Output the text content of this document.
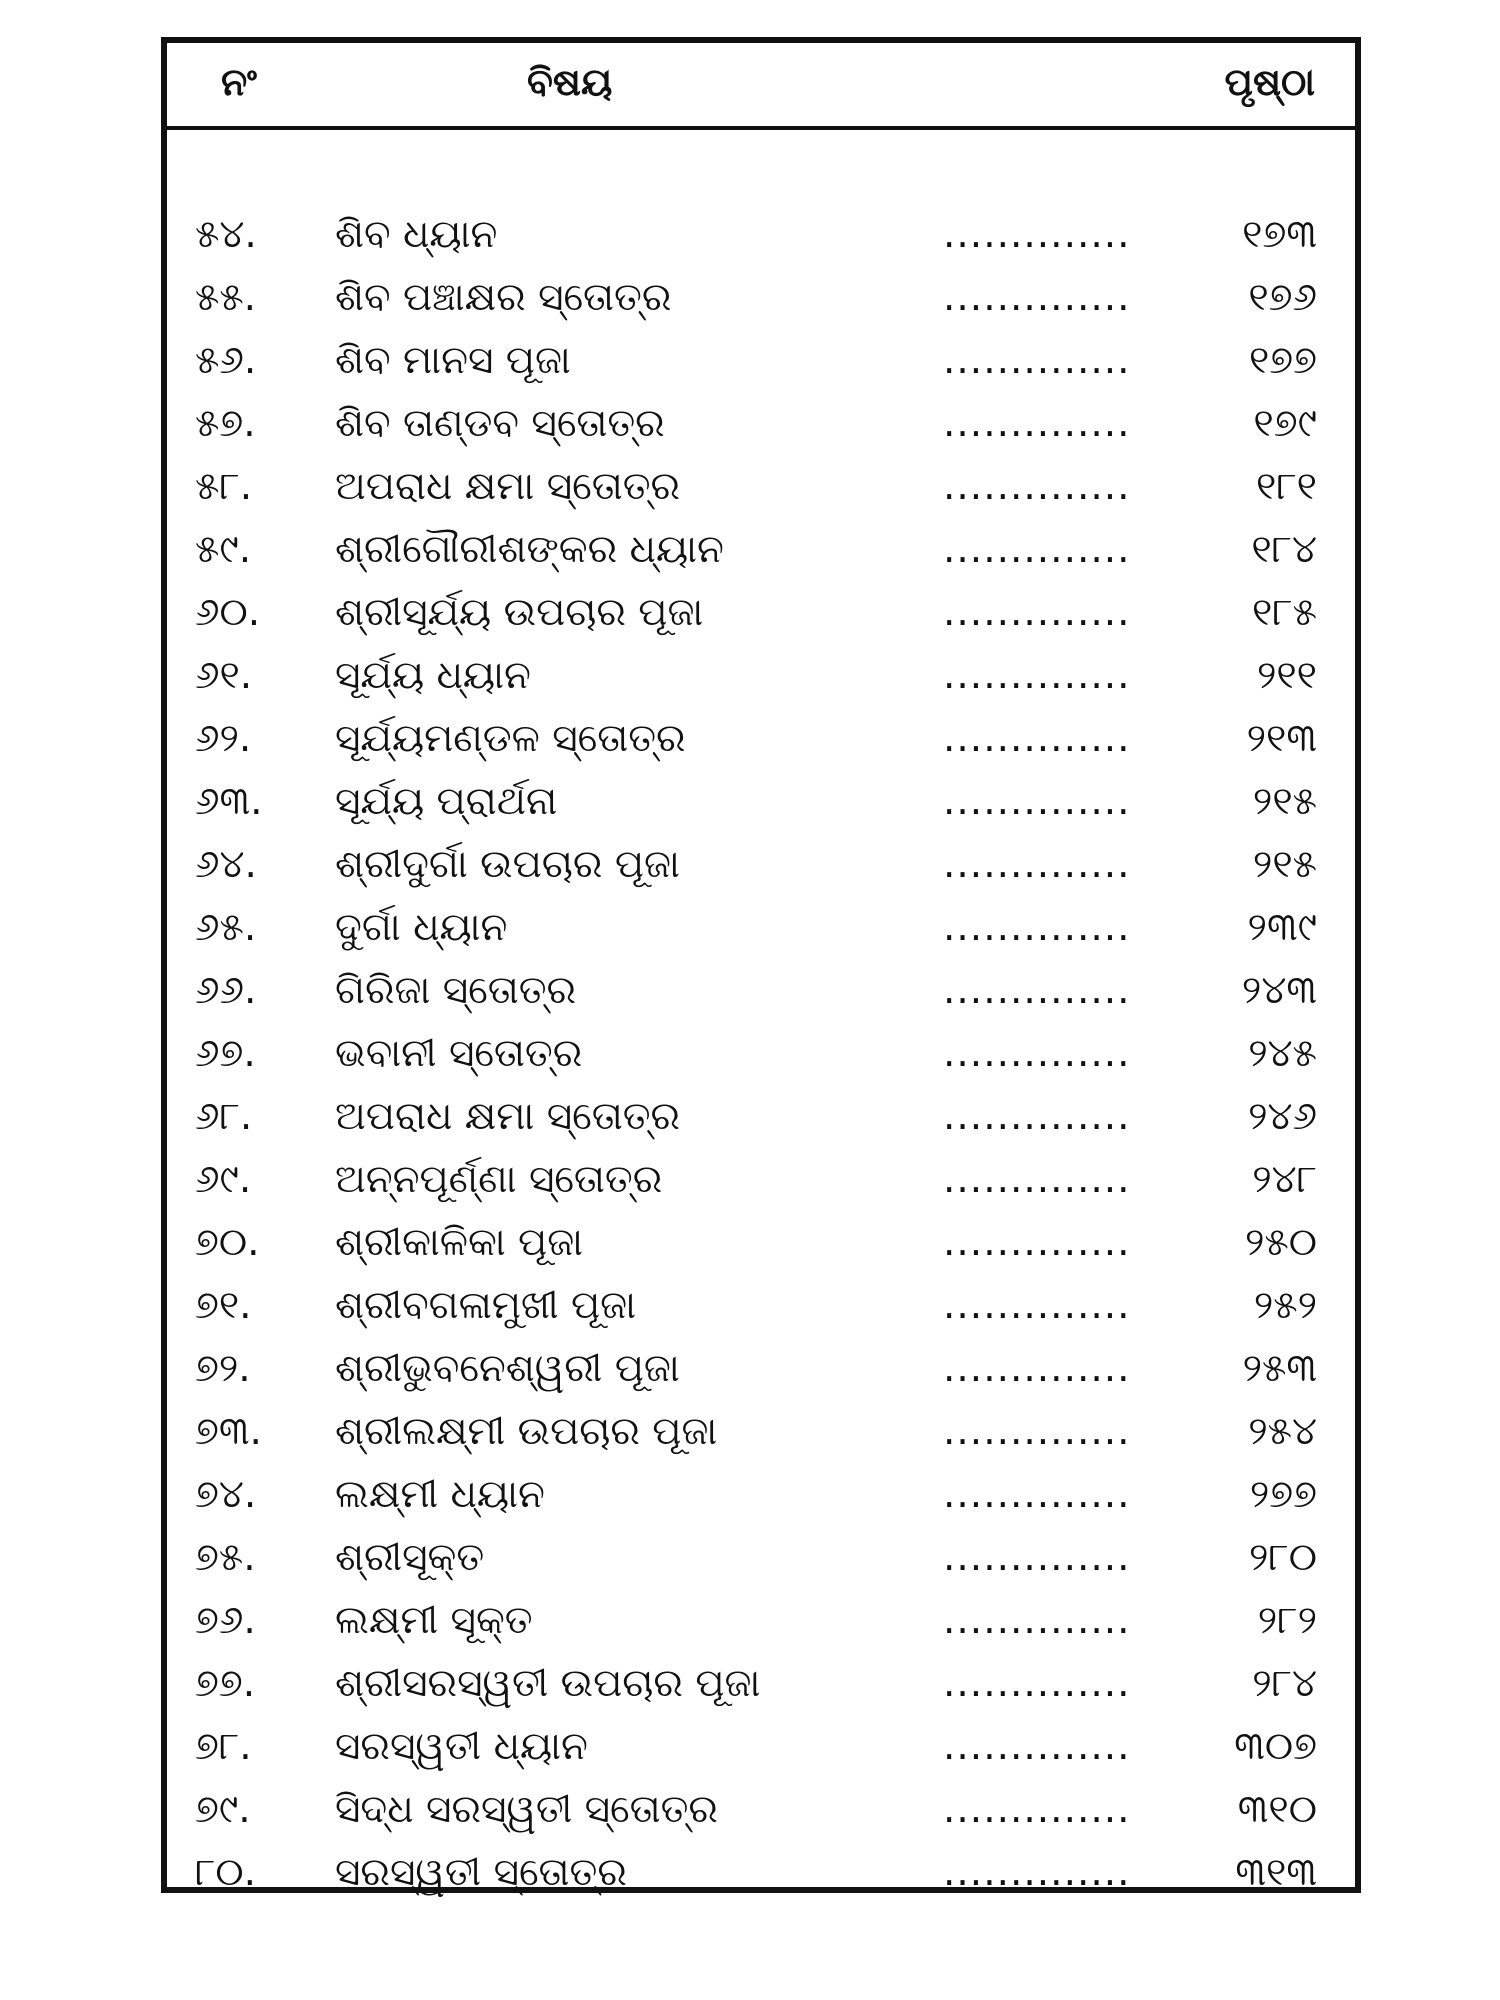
ନଂ	ବିଷୟ	ପୃଷ୍ଠା
୫୪. ଶିବ ଧ୍ୟାନ	..............	୧୭୩
୫୫. ଶିବ ପଞ୍ଚାକ୍ଷର ସ୍ତୋତ୍ର	..............	୧୭୬
୫୬. ଶିବ ମାନସ ପୂଜା	..............	୧୭୭
୫୭. ଶିବ ତାଣ୍ଡବ ସ୍ତୋତ୍ର	..............	୧୭୯
୫୮. ଅପରାଧ କ୍ଷମା ସ୍ତୋତ୍ର	..............	୧୮୧
୫୯. ଶ୍ରୀଗୌରୀଶଙ୍କର ଧ୍ୟାନ	..............	୧୮୪
୬୦. ଶ୍ରୀସୂର୍ଯ୍ୟ ଉପଚାର ପୂଜା	..............	୧୮୫
୬୧. ସୂର୍ଯ୍ୟ ଧ୍ୟାନ	..............	୨୧୧
୬୨. ସୂର୍ଯ୍ୟମଣ୍ଡଳ ସ୍ତୋତ୍ର	..............	୨୧୩
୬୩. ସୂର୍ଯ୍ୟ ପ୍ରାର୍ଥନା	..............	୨୧୫
୬୪. ଶ୍ରୀଦୁର୍ଗା ଉପଚାର ପୂଜା	..............	୨୧୫
୬୫. ଦୁର୍ଗା ଧ୍ୟାନ	..............	୨୩୯
୬୬. ଗିରିଜା ସ୍ତୋତ୍ର	..............	୨୪୩
୬୭. ଭବାନୀ ସ୍ତୋତ୍ର	..............	୨୪୫
୬୮. ଅପରାଧ କ୍ଷମା ସ୍ତୋତ୍ର	..............	୨୪୬
୬୯. ଅନ୍ନପୂର୍ଣ୍ଣା ସ୍ତୋତ୍ର	..............	୨୪୮
୭୦. ଶ୍ରୀକାଳିକା ପୂଜା	..............	୨୫୦
୭୧. ଶ୍ରୀବଗଳାମୁଖୀ ପୂଜା	..............	୨୫୨
୭୨. ଶ୍ରୀଭୁବନେଶ୍ୱରୀ ପୂଜା	..............	୨୫୩
୭୩. ଶ୍ରୀଲକ୍ଷ୍ମୀ ଉପଚାର ପୂଜା	..............	୨୫୪
୭୪. ଲକ୍ଷ୍ମୀ ଧ୍ୟାନ	..............	୨୭୭
୭୫. ଶ୍ରୀସୂକ୍ତ	..............	୨୮୦
୭୬. ଲକ୍ଷ୍ମୀ ସୂକ୍ତ	..............	୨୮୨
୭୭. ଶ୍ରୀସରସ୍ୱତୀ ଉପଚାର ପୂଜା	..............	୨୮୪
୭୮. ସରସ୍ୱତୀ ଧ୍ୟାନ	..............	୩୦୭
୭୯. ସିଦ୍ଧ ସରସ୍ୱତୀ ସ୍ତୋତ୍ର	..............	୩୧୦
୮୦. ସରସ୍ୱତୀ ସ୍ତୋତ୍ର	..............	୩୧୩
